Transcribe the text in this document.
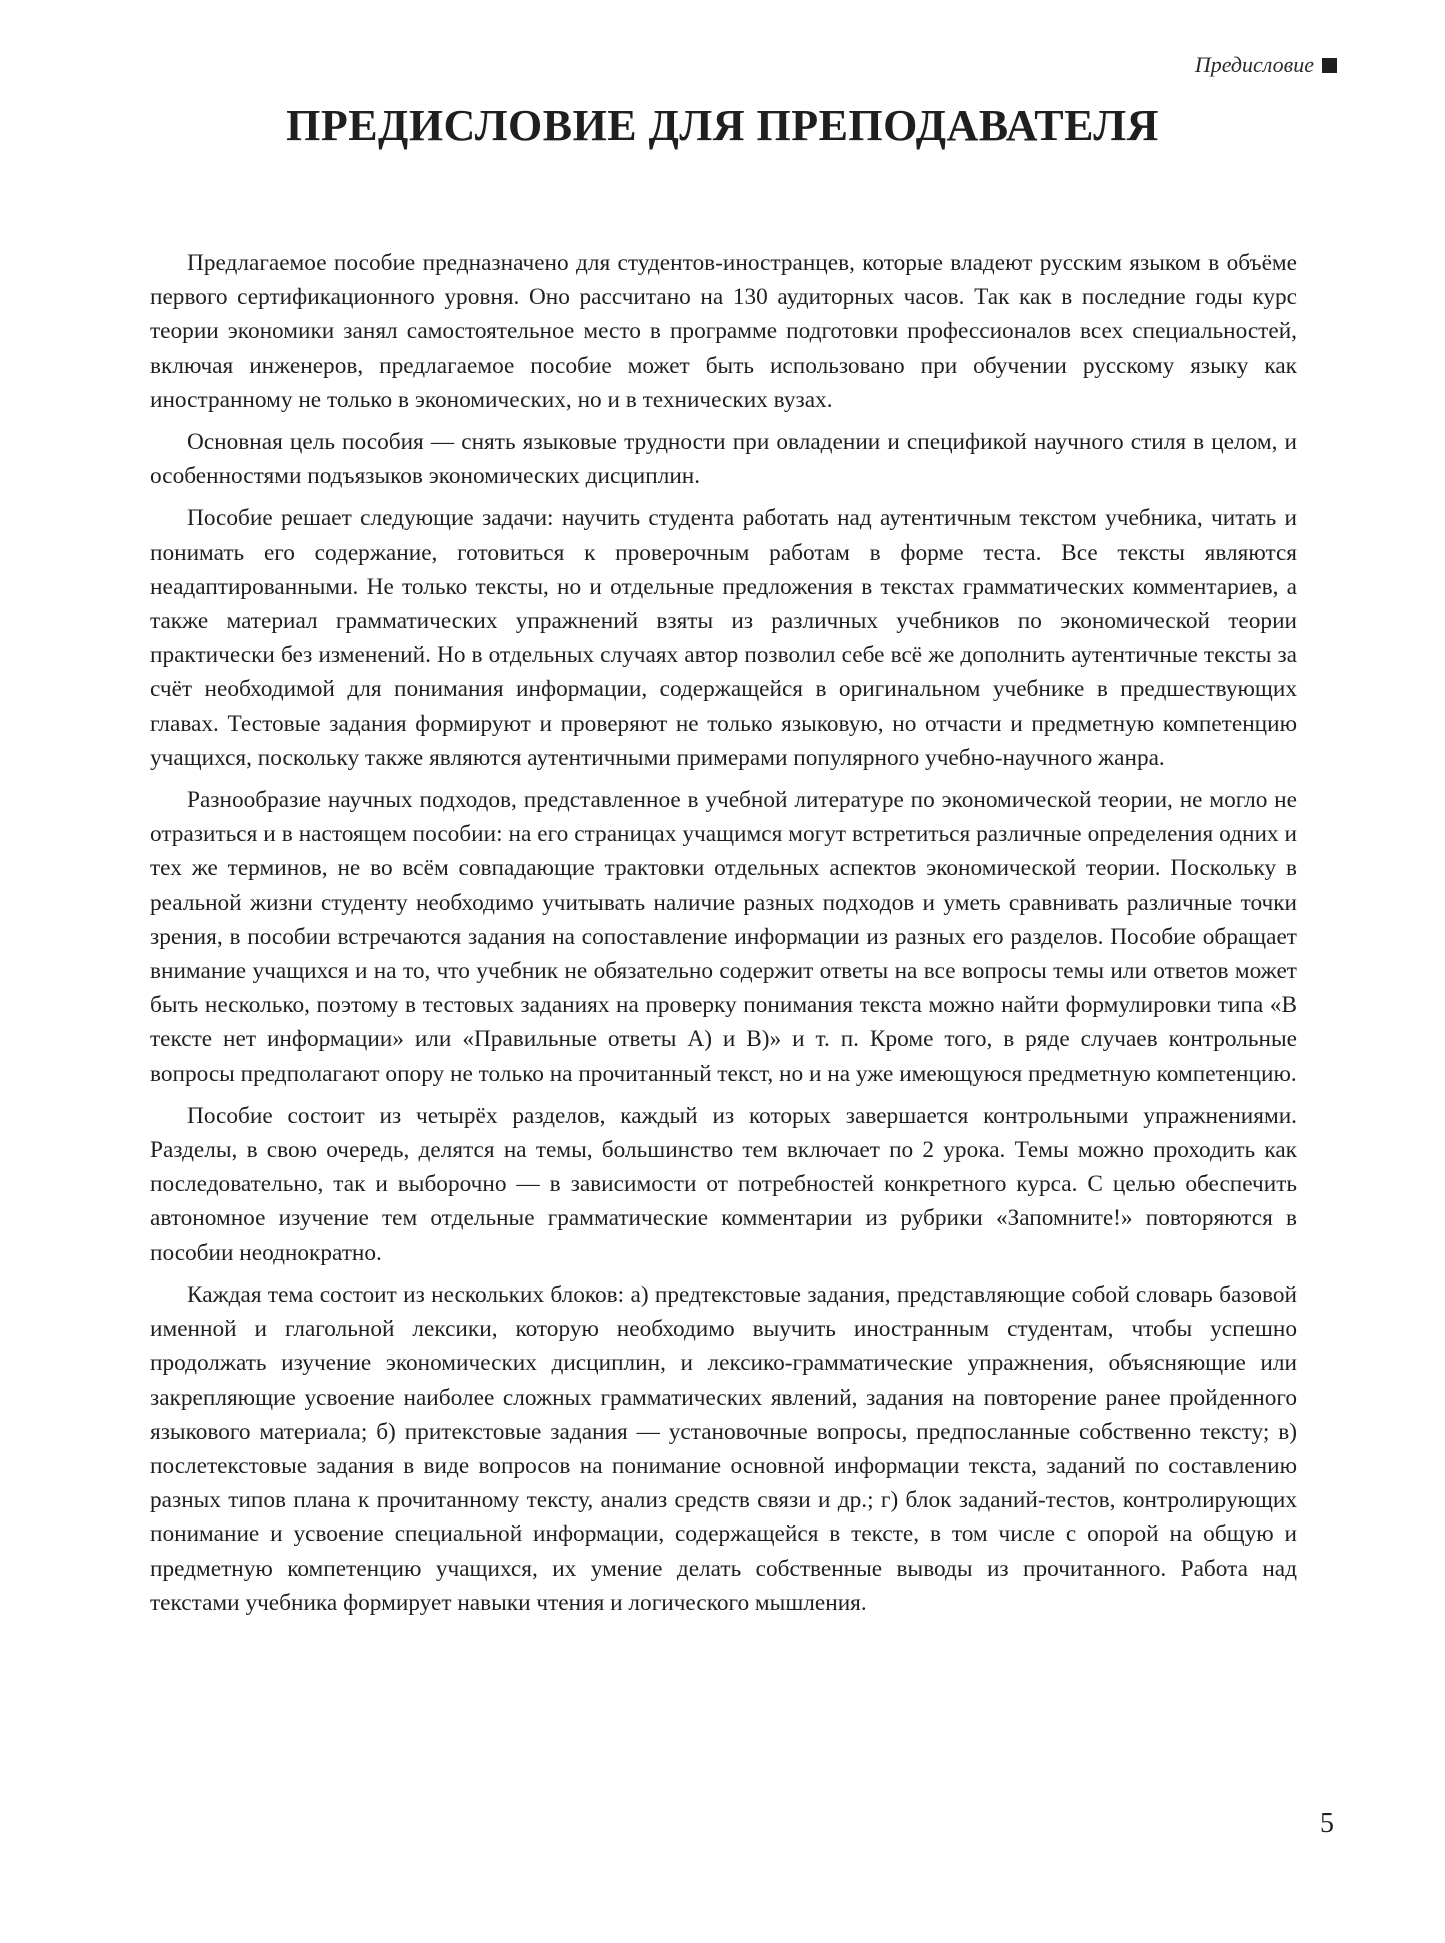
Предисловие
ПРЕДИСЛОВИЕ ДЛЯ ПРЕПОДАВАТЕЛЯ

Предлагаемое пособие предназначено для студентов-иностранцев, которые владеют русским языком в объёме первого сертификационного уровня. Оно рассчитано на 130 аудиторных часов. Так как в последние годы курс теории экономики занял самостоятельное место в программе подготовки профессионалов всех специальностей, включая инженеров, предлагаемое пособие может быть использовано при обучении русскому языку как иностранному не только в экономических, но и в технических вузах.

Основная цель пособия — снять языковые трудности при овладении и спецификой научного стиля в целом, и особенностями подъязыков экономических дисциплин.

Пособие решает следующие задачи: научить студента работать над аутентичным текстом учебника, читать и понимать его содержание, готовиться к проверочным работам в форме теста. Все тексты являются неадаптированными. Не только тексты, но и отдельные предложения в текстах грамматических комментариев, а также материал грамматических упражнений взяты из различных учебников по экономической теории практически без изменений. Но в отдельных случаях автор позволил себе всё же дополнить аутентичные тексты за счёт необходимой для понимания информации, содержащейся в оригинальном учебнике в предшествующих главах. Тестовые задания формируют и проверяют не только языковую, но отчасти и предметную компетенцию учащихся, поскольку также являются аутентичными примерами популярного учебно-научного жанра.

Разнообразие научных подходов, представленное в учебной литературе по экономической теории, не могло не отразиться и в настоящем пособии: на его страницах учащимся могут встретиться различные определения одних и тех же терминов, не во всём совпадающие трактовки отдельных аспектов экономической теории. Поскольку в реальной жизни студенту необходимо учитывать наличие разных подходов и уметь сравнивать различные точки зрения, в пособии встречаются задания на сопоставление информации из разных его разделов. Пособие обращает внимание учащихся и на то, что учебник не обязательно содержит ответы на все вопросы темы или ответов может быть несколько, поэтому в тестовых заданиях на проверку понимания текста можно найти формулировки типа «В тексте нет информации» или «Правильные ответы А) и В)» и т. п. Кроме того, в ряде случаев контрольные вопросы предполагают опору не только на прочитанный текст, но и на уже имеющуюся предметную компетенцию.

Пособие состоит из четырёх разделов, каждый из которых завершается контрольными упражнениями. Разделы, в свою очередь, делятся на темы, большинство тем включает по 2 урока. Темы можно проходить как последовательно, так и выборочно — в зависимости от потребностей конкретного курса. С целью обеспечить автономное изучение тем отдельные грамматические комментарии из рубрики «Запомните!» повторяются в пособии неоднократно.

Каждая тема состоит из нескольких блоков: а) предтекстовые задания, представляющие собой словарь базовой именной и глагольной лексики, которую необходимо выучить иностранным студентам, чтобы успешно продолжать изучение экономических дисциплин, и лексико-грамматические упражнения, объясняющие или закрепляющие усвоение наиболее сложных грамматических явлений, задания на повторение ранее пройденного языкового материала; б) притекстовые задания — установочные вопросы, предпосланные собственно тексту; в) послетекстовые задания в виде вопросов на понимание основной информации текста, заданий по составлению разных типов плана к прочитанному тексту, анализ средств связи и др.; г) блок заданий-тестов, контролирующих понимание и усвоение специальной информации, содержащейся в тексте, в том числе с опорой на общую и предметную компетенцию учащихся, их умение делать собственные выводы из прочитанного. Работа над текстами учебника формирует навыки чтения и логического мышления.

5
